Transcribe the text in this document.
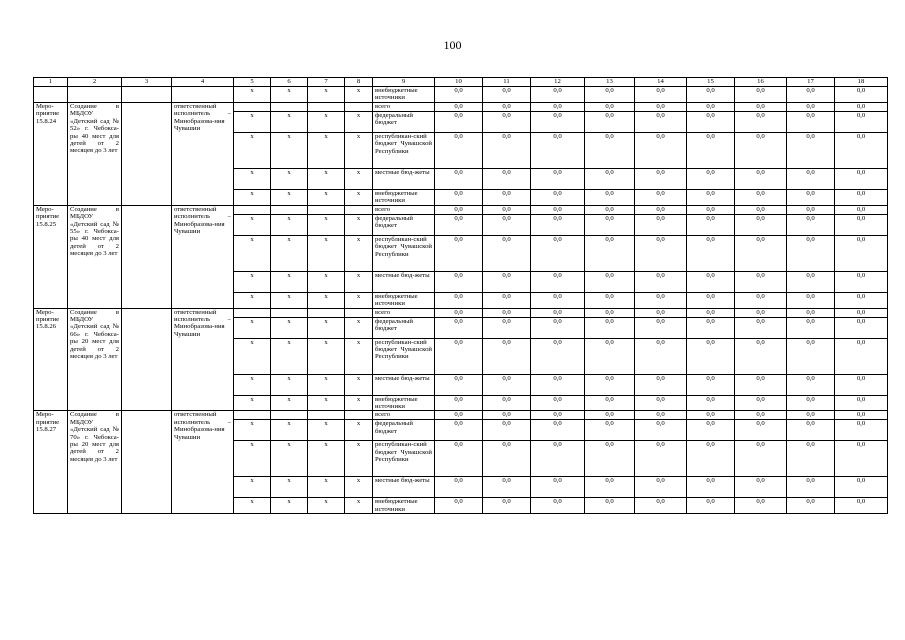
100
1	2	3	4	5	6	7	8	9	10	11	12	13	14	15	16	17	18
				х	х	х	х	внебюджетные источники	0,0	0,0	0,0	0,0	0,0	0,0	0,0	0,0	0,0
Меро-приятие 15.8.24	Создание в МБДОУ «Детский сад № 52» г. Чебокса-ры 40 мест для детей от 2 месяцев до 3 лет		ответственный исполнитель – Минобразова-ния Чувашии					всего	0,0	0,0	0,0	0,0	0,0	0,0	0,0	0,0	0,0
				х	х	х	х	федеральный бюджет	0,0	0,0	0,0	0,0	0,0	0,0	0,0	0,0	0,0
				х	х	х	х	республикан-ский бюджет Чувашской Республики	0,0	0,0	0,0	0,0	0,0	0,0	0,0	0,0	0,0
				х	х	х	х	местные бюд-жеты	0,0	0,0	0,0	0,0	0,0	0,0	0,0	0,0	0,0
				х	х	х	х	внебюджетные источники	0,0	0,0	0,0	0,0	0,0	0,0	0,0	0,0	0,0
Меро-приятие 15.8.25	Создание в МБДОУ «Детский сад № 55» г. Чебокса-ры 40 мест для детей от 2 месяцев до 3 лет		ответственный исполнитель – Минобразова-ния Чувашии					всего	0,0	0,0	0,0	0,0	0,0	0,0	0,0	0,0	0,0
				х	х	х	х	федеральный бюджет	0,0	0,0	0,0	0,0	0,0	0,0	0,0	0,0	0,0
				х	х	х	х	республикан-ский бюджет Чувашской Республики	0,0	0,0	0,0	0,0	0,0	0,0	0,0	0,0	0,0
				х	х	х	х	местные бюд-жеты	0,0	0,0	0,0	0,0	0,0	0,0	0,0	0,0	0,0
				х	х	х	х	внебюджетные источники	0,0	0,0	0,0	0,0	0,0	0,0	0,0	0,0	0,0
Меро-приятие 15.8.26	Создание в МБДОУ «Детский сад № 66» г. Чебокса-ры 20 мест для детей от 2 месяцев до 3 лет		ответственный исполнитель – Минобразова-ния Чувашии					всего	0,0	0,0	0,0	0,0	0,0	0,0	0,0	0,0	0,0
				х	х	х	х	федеральный бюджет	0,0	0,0	0,0	0,0	0,0	0,0	0,0	0,0	0,0
				х	х	х	х	республикан-ский бюджет Чувашской Республики	0,0	0,0	0,0	0,0	0,0	0,0	0,0	0,0	0,0
				х	х	х	х	местные бюд-жеты	0,0	0,0	0,0	0,0	0,0	0,0	0,0	0,0	0,0
				х	х	х	х	внебюджетные источники	0,0	0,0	0,0	0,0	0,0	0,0	0,0	0,0	0,0
Меро-приятие 15.8.27	Создание в МБДОУ «Детский сад № 70» г. Чебокса-ры 20 мест для детей от 2 месяцев до 3 лет		ответственный исполнитель – Минобразова-ния Чувашии					всего	0,0	0,0	0,0	0,0	0,0	0,0	0,0	0,0	0,0
				х	х	х	х	федеральный бюджет	0,0	0,0	0,0	0,0	0,0	0,0	0,0	0,0	0,0
				х	х	х	х	республикан-ский бюджет Чувашской Республики	0,0	0,0	0,0	0,0	0,0	0,0	0,0	0,0	0,0
				х	х	х	х	местные бюд-жеты	0,0	0,0	0,0	0,0	0,0	0,0	0,0	0,0	0,0
				х	х	х	х	внебюджетные источники	0,0	0,0	0,0	0,0	0,0	0,0	0,0	0,0	0,0
